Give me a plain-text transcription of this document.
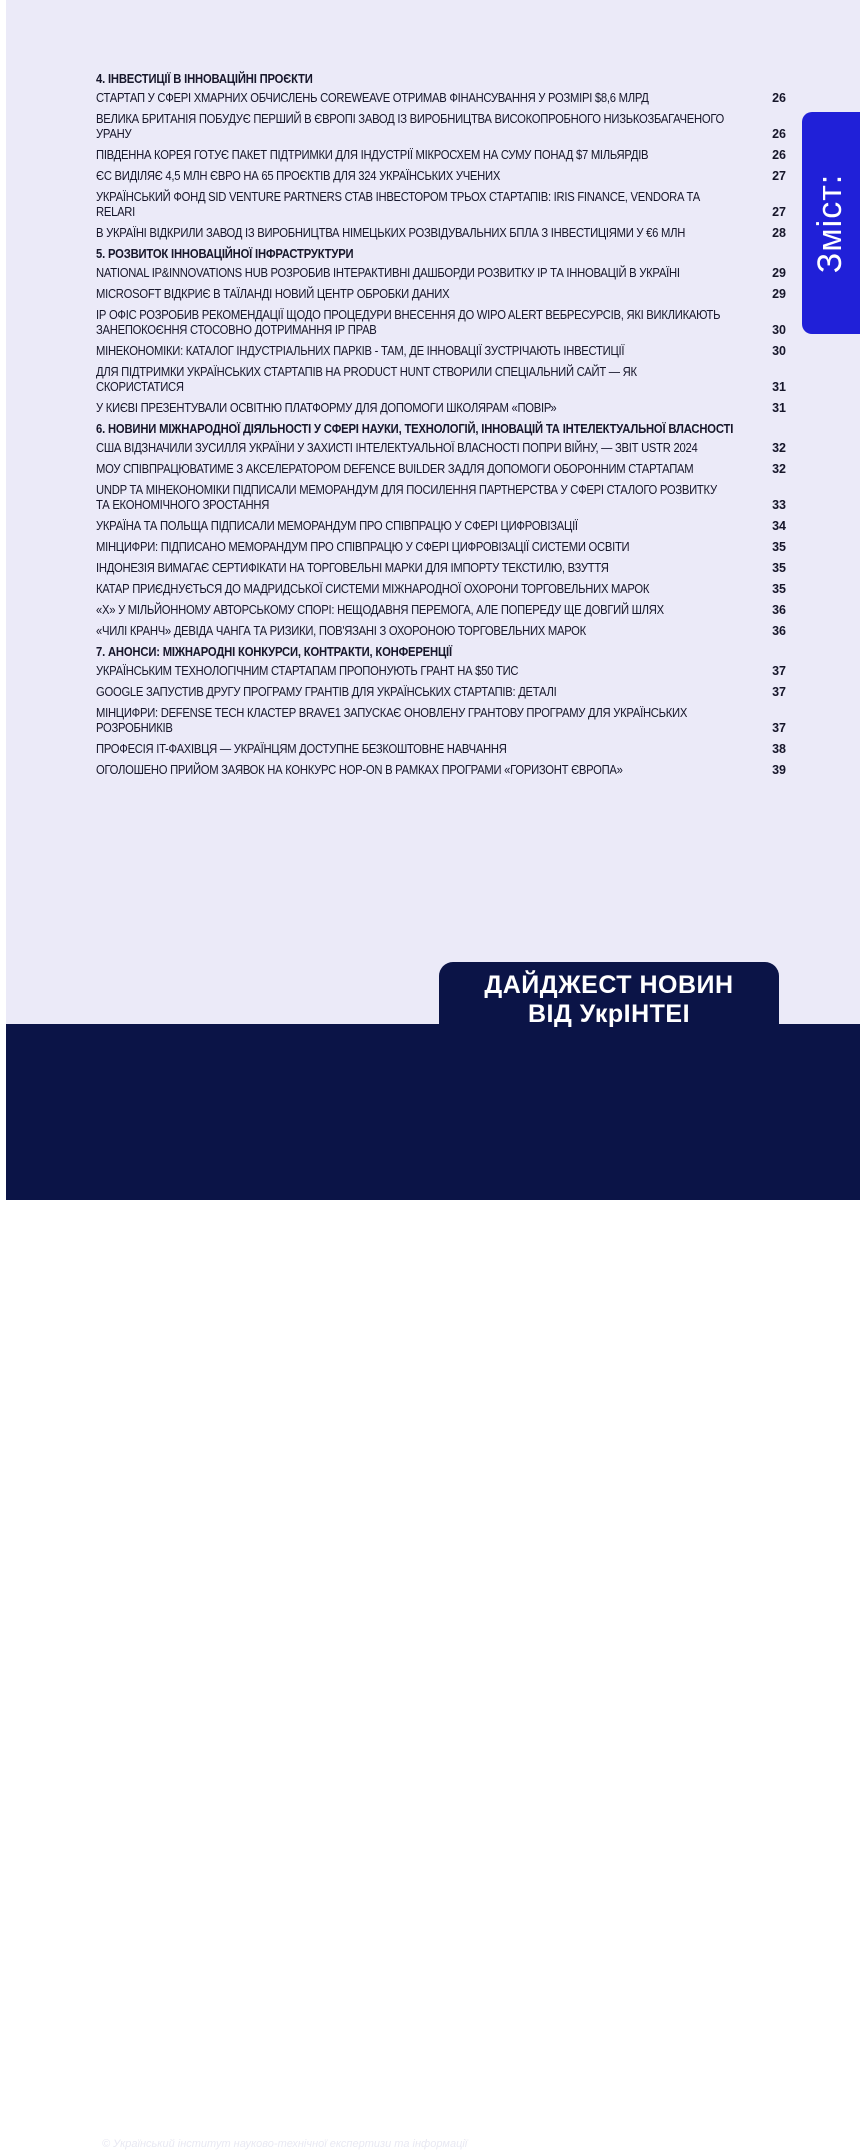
Зміст:
4. ІНВЕСТИЦІЇ В ІННОВАЦІЙНІ ПРОЄКТИ
СТАРТАП У СФЕРІ ХМАРНИХ ОБЧИСЛЕНЬ COREWEAVE ОТРИМАВ ФІНАНСУВАННЯ У РОЗМІРІ $8,6 МЛРД	26
ВЕЛИКА БРИТАНІЯ ПОБУДУЄ ПЕРШИЙ В ЄВРОПІ ЗАВОД ІЗ ВИРОБНИЦТВА ВИСОКОПРОБНОГО НИЗЬКОЗБАГАЧЕНОГО УРАНУ	26
ПІВДЕННА КОРЕЯ ГОТУЄ ПАКЕТ ПІДТРИМКИ ДЛЯ ІНДУСТРІЇ МІКРОСХЕМ НА СУМУ ПОНАД $7 МІЛЬЯРДІВ	26
ЄС ВИДІЛЯЄ 4,5 МЛН ЄВРО НА 65 ПРОЄКТІВ ДЛЯ 324 УКРАЇНСЬКИХ УЧЕНИХ	27
УКРАЇНСЬКИЙ ФОНД SID VENTURE PARTNERS СТАВ ІНВЕСТОРОМ ТРЬОХ СТАРТАПІВ: IRIS FINANCE, VENDORA ТА RELARI	27
В УКРАЇНІ ВІДКРИЛИ ЗАВОД ІЗ ВИРОБНИЦТВА НІМЕЦЬКИХ РОЗВІДУВАЛЬНИХ БПЛА З ІНВЕСТИЦІЯМИ У €6 МЛН	28
5. РОЗВИТОК ІННОВАЦІЙНОЇ ІНФРАСТРУКТУРИ
NATIONAL IP&INNOVATIONS HUB РОЗРОБИВ ІНТЕРАКТИВНІ ДАШБОРДИ РОЗВИТКУ ІР ТА ІННОВАЦІЙ В УКРАЇНІ	29
MICROSOFT ВІДКРИЄ В ТАЇЛАНДІ НОВИЙ ЦЕНТР ОБРОБКИ ДАНИХ	29
ІР ОФІС РОЗРОБИВ РЕКОМЕНДАЦІЇ ЩОДО ПРОЦЕДУРИ ВНЕСЕННЯ ДО WIPO ALERT ВЕБРЕСУРСІВ, ЯКІ ВИКЛИКАЮТЬ ЗАНЕПОКОЄННЯ СТОСОВНО ДОТРИМАННЯ ІР ПРАВ	30
МІНЕКОНОМІКИ: КАТАЛОГ ІНДУСТРІАЛЬНИХ ПАРКІВ - ТАМ, ДЕ ІННОВАЦІЇ ЗУСТРІЧАЮТЬ ІНВЕСТИЦІЇ	30
ДЛЯ ПІДТРИМКИ УКРАЇНСЬКИХ СТАРТАПІВ НА PRODUCT HUNT СТВОРИЛИ СПЕЦІАЛЬНИЙ САЙТ — ЯК СКОРИСТАТИСЯ	31
У КИЄВІ ПРЕЗЕНТУВАЛИ ОСВІТНЮ ПЛАТФОРМУ ДЛЯ ДОПОМОГИ ШКОЛЯРАМ «ПОВІР»	31
6. НОВИНИ МІЖНАРОДНОЇ ДІЯЛЬНОСТІ У СФЕРІ НАУКИ, ТЕХНОЛОГІЙ, ІННОВАЦІЙ ТА ІНТЕЛЕКТУАЛЬНОЇ ВЛАСНОСТІ
США ВІДЗНАЧИЛИ ЗУСИЛЛЯ УКРАЇНИ У ЗАХИСТІ ІНТЕЛЕКТУАЛЬНОЇ ВЛАСНОСТІ ПОПРИ ВІЙНУ, — ЗВІТ USTR 2024	32
МОУ СПІВПРАЦЮВАТИМЕ З АКСЕЛЕРАТОРОМ DEFENCE BUILDER ЗАДЛЯ ДОПОМОГИ ОБОРОННИМ СТАРТАПАМ	32
UNDP ТА МІНЕКОНОМІКИ ПІДПИСАЛИ МЕМОРАНДУМ ДЛЯ ПОСИЛЕННЯ ПАРТНЕРСТВА У СФЕРІ СТАЛОГО РОЗВИТКУ ТА ЕКОНОМІЧНОГО ЗРОСТАННЯ	33
УКРАЇНА ТА ПОЛЬЩА ПІДПИСАЛИ МЕМОРАНДУМ ПРО СПІВПРАЦЮ У СФЕРІ ЦИФРОВІЗАЦІЇ	34
МІНЦИФРИ: ПІДПИСАНО МЕМОРАНДУМ ПРО СПІВПРАЦЮ У СФЕРІ ЦИФРОВІЗАЦІЇ СИСТЕМИ ОСВІТИ	35
ІНДОНЕЗІЯ ВИМАГАЄ СЕРТИФІКАТИ НА ТОРГОВЕЛЬНІ МАРКИ ДЛЯ ІМПОРТУ ТЕКСТИЛЮ, ВЗУТТЯ	35
КАТАР ПРИЄДНУЄТЬСЯ ДО МАДРИДСЬКОЇ СИСТЕМИ МІЖНАРОДНОЇ ОХОРОНИ ТОРГОВЕЛЬНИХ МАРОК	35
«Х» У МІЛЬЙОННОМУ АВТОРСЬКОМУ СПОРІ: НЕЩОДАВНЯ ПЕРЕМОГА, АЛЕ ПОПЕРЕДУ ЩЕ ДОВГИЙ ШЛЯХ	36
«ЧИЛІ КРАНЧ» ДЕВІДА ЧАНГА ТА РИЗИКИ, ПОВ'ЯЗАНІ З ОХОРОНОЮ ТОРГОВЕЛЬНИХ МАРОК	36
7. АНОНСИ: МІЖНАРОДНІ КОНКУРСИ, КОНТРАКТИ, КОНФЕРЕНЦІЇ
УКРАЇНСЬКИМ ТЕХНОЛОГІЧНИМ СТАРТАПАМ ПРОПОНУЮТЬ ГРАНТ НА $50 ТИС	37
GOOGLE ЗАПУСТИВ ДРУГУ ПРОГРАМУ ГРАНТІВ ДЛЯ УКРАЇНСЬКИХ СТАРТАПІВ: ДЕТАЛІ	37
МІНЦИФРИ: DEFENSE TECH КЛАСТЕР BRAVE1 ЗАПУСКАЄ ОНОВЛЕНУ ГРАНТОВУ ПРОГРАМУ ДЛЯ УКРАЇНСЬКИХ РОЗРОБНИКІВ	37
ПРОФЕСІЯ IT-ФАХІВЦЯ — УКРАЇНЦЯМ ДОСТУПНЕ БЕЗКОШТОВНЕ НАВЧАННЯ	38
ОГОЛОШЕНО ПРИЙОМ ЗАЯВОК НА КОНКУРС HOP-ON В РАМКАХ ПРОГРАМИ «ГОРИЗОНТ ЄВРОПА»	39
© Український інститут науково-технічної експертизи та інформації
ДАЙДЖЕСТ НОВИН
ВІД УкрІНТЕІ
